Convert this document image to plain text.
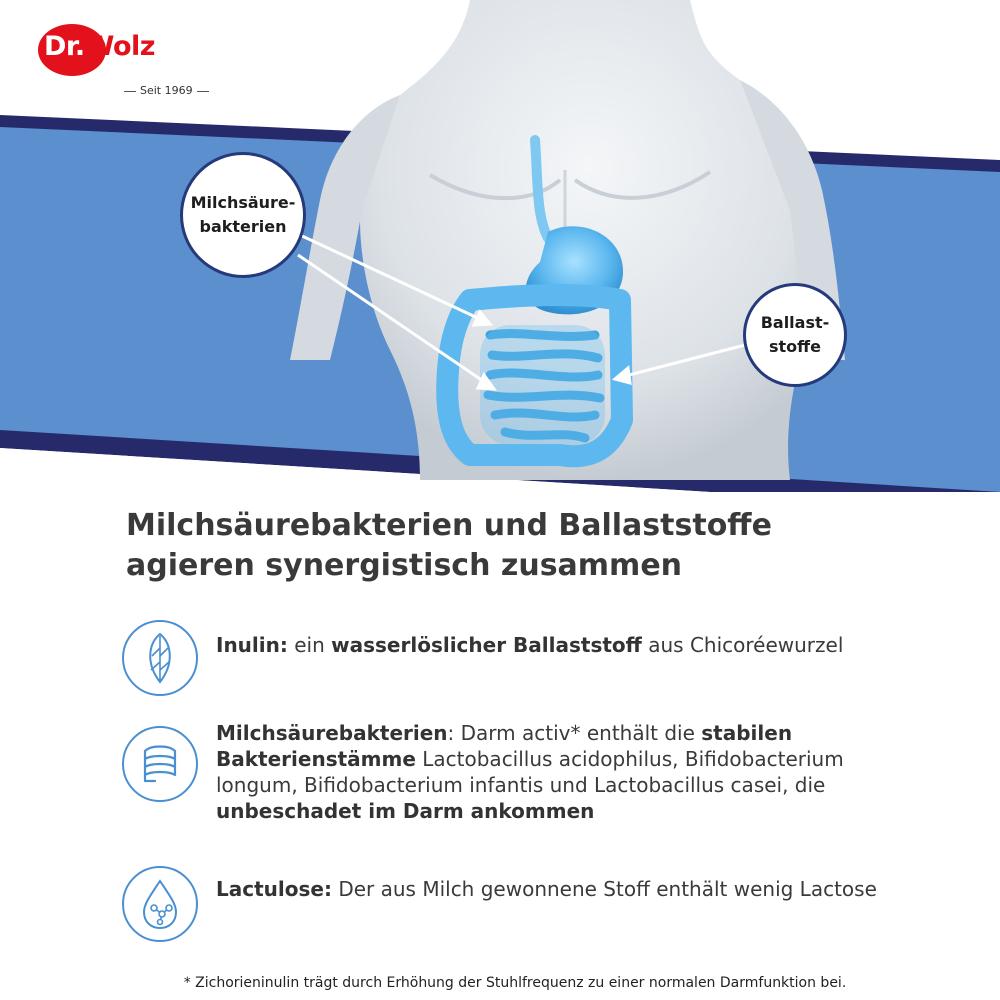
Dr.Wolz
Seit 1969
Milchsäure-
bakterien
Ballast-
stoffe
Milchsäurebakterien und Ballaststoffe
agieren synergistisch zusammen
Inulin: ein wasserlöslicher Ballaststoff aus Chicoréewurzel
Milchsäurebakterien: Darm activ* enthält die stabilen Bakterienstämme Lactobacillus acidophilus, Bifidobacterium longum, Bifidobacterium infantis und Lactobacillus casei, die unbeschadet im Darm ankommen
Lactulose: Der aus Milch gewonnene Stoff enthält wenig Lactose

* Zichorieninulin trägt durch Erhöhung der Stuhlfrequenz zu einer normalen Darmfunktion bei.
